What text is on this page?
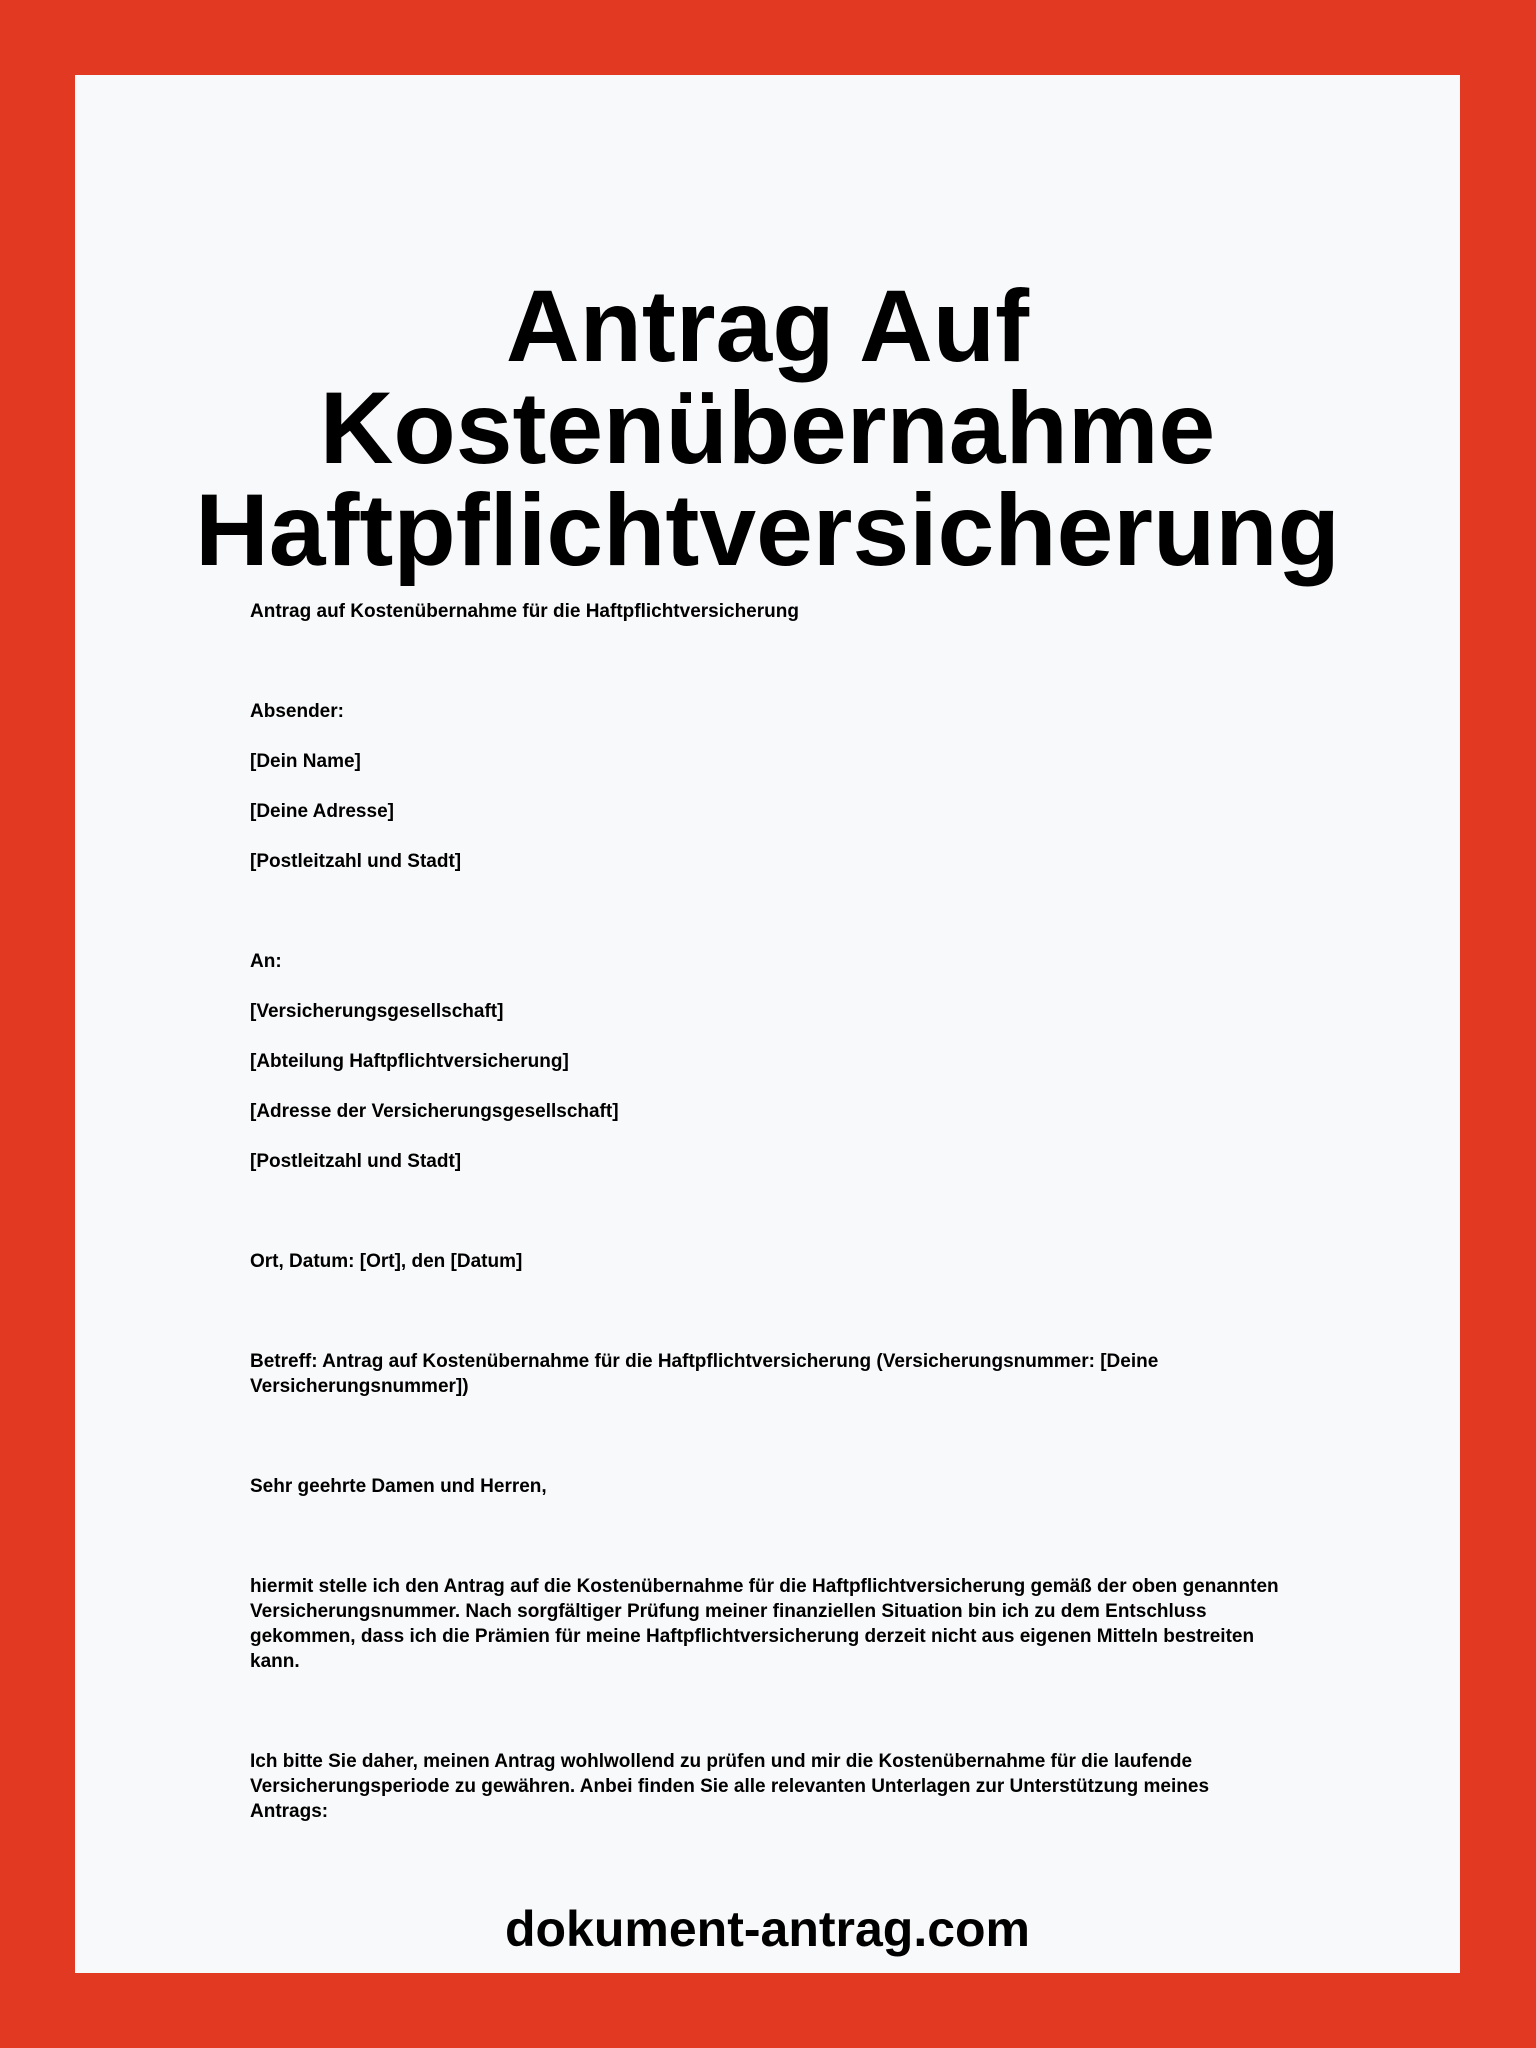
Antrag Auf
Kostenübernahme
Haftpflichtversicherung
Antrag auf Kostenübernahme für die Haftpflichtversicherung
Absender:
[Dein Name]
[Deine Adresse]
[Postleitzahl und Stadt]
An:
[Versicherungsgesellschaft]
[Abteilung Haftpflichtversicherung]
[Adresse der Versicherungsgesellschaft]
[Postleitzahl und Stadt]
Ort, Datum: [Ort], den [Datum]
Betreff: Antrag auf Kostenübernahme für die Haftpflichtversicherung (Versicherungsnummer: [Deine Versicherungsnummer])
Sehr geehrte Damen und Herren,
hiermit stelle ich den Antrag auf die Kostenübernahme für die Haftpflichtversicherung gemäß der oben genannten Versicherungsnummer. Nach sorgfältiger Prüfung meiner finanziellen Situation bin ich zu dem Entschluss gekommen, dass ich die Prämien für meine Haftpflichtversicherung derzeit nicht aus eigenen Mitteln bestreiten kann.
Ich bitte Sie daher, meinen Antrag wohlwollend zu prüfen und mir die Kostenübernahme für die laufende Versicherungsperiode zu gewähren. Anbei finden Sie alle relevanten Unterlagen zur Unterstützung meines Antrags:
dokument-antrag.com
